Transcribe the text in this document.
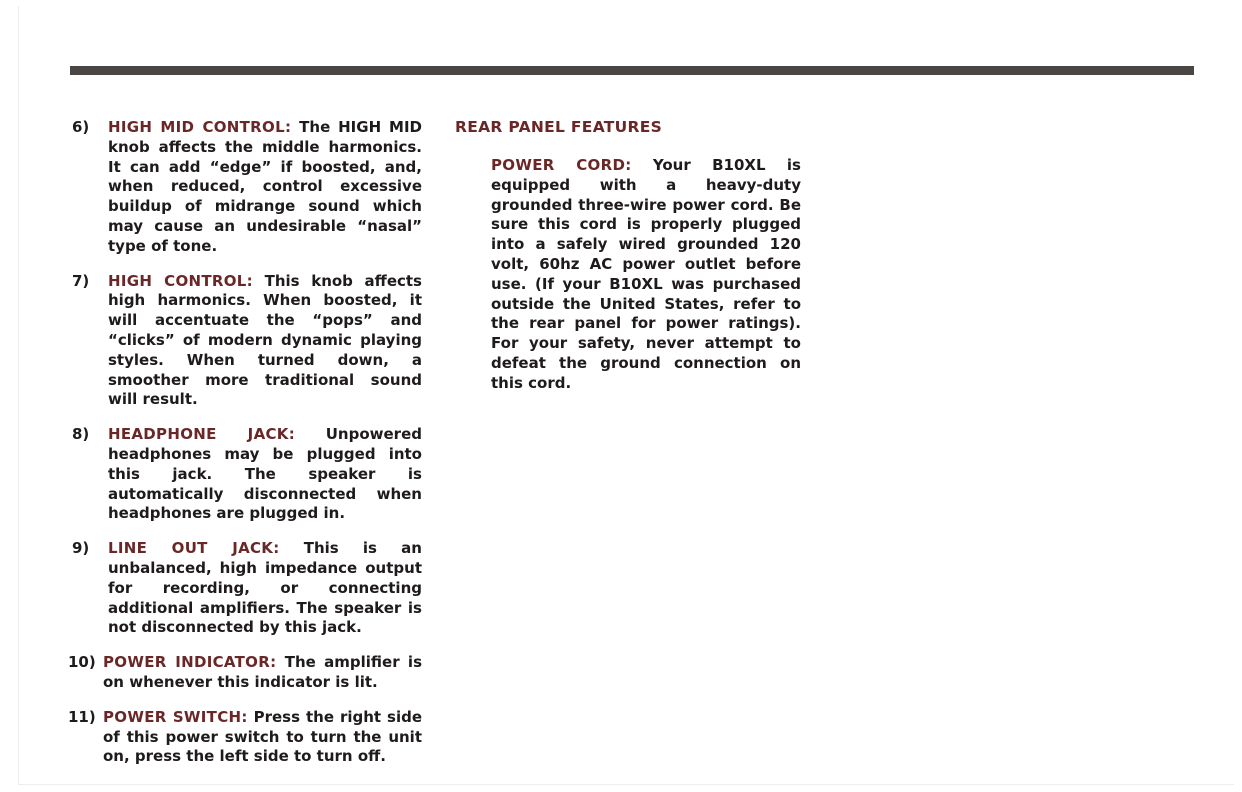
6) HIGH MID CONTROL: The HIGH MID knob affects the middle harmonics. It can add “edge” if boosted, and, when reduced, control excessive buildup of midrange sound which may cause an undesirable “nasal” type of tone.
7) HIGH CONTROL: This knob affects high harmonics. When boosted, it will accentuate the “pops” and “clicks” of modern dynamic playing styles. When turned down, a smoother more traditional sound will result.
8) HEADPHONE JACK: Unpowered headphones may be plugged into this jack. The speaker is automatically disconnected when headphones are plugged in.
9) LINE OUT JACK: This is an unbalanced, high impedance output for recording, or connecting additional amplifiers. The speaker is not disconnected by this jack.
10) POWER INDICATOR: The amplifier is on whenever this indicator is lit.
11) POWER SWITCH: Press the right side of this power switch to turn the unit on, press the left side to turn off.
REAR PANEL FEATURES
POWER CORD: Your B10XL is equipped with a heavy-duty grounded three-wire power cord. Be sure this cord is properly plugged into a safely wired grounded 120 volt, 60hz AC power outlet before use. (If your B10XL was purchased outside the United States, refer to the rear panel for power ratings). For your safety, never attempt to defeat the ground connection on this cord.
